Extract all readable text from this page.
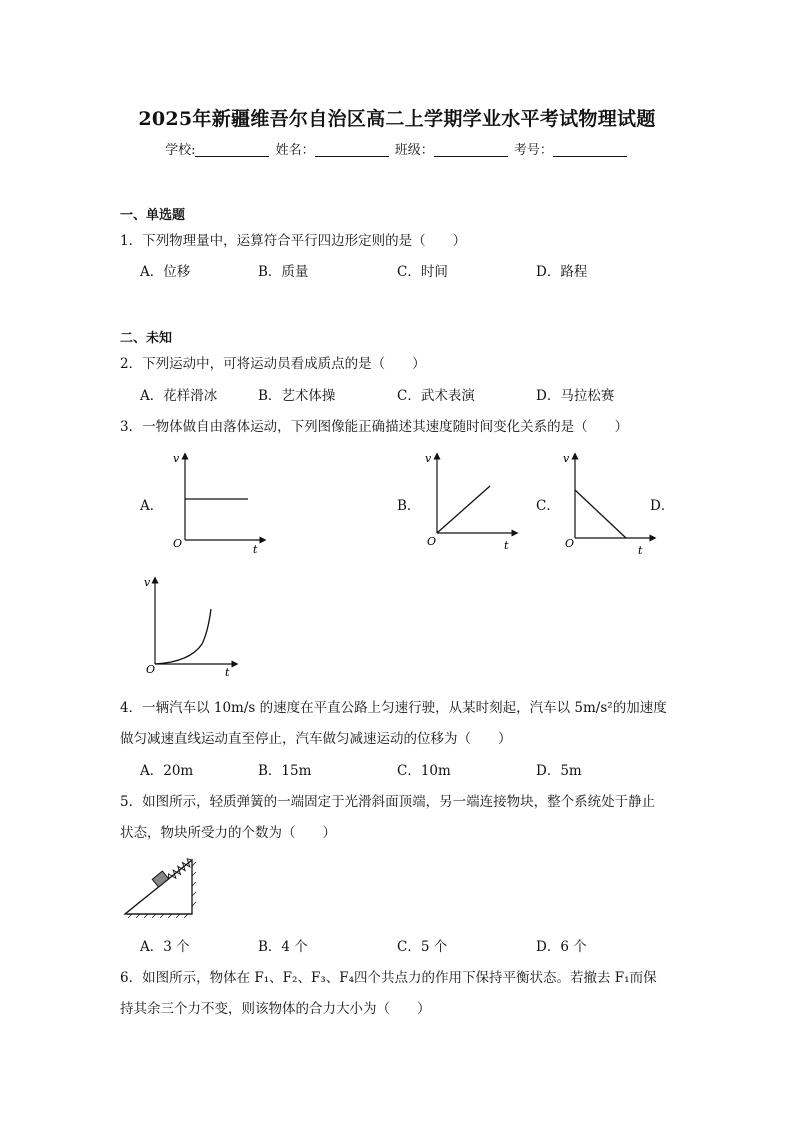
2025年新疆维吾尔自治区高二上学期学业水平考试物理试题
学校:	姓名：	班级：	考号：
一、单选题
1．下列物理量中，运算符合平行四边形定则的是（　　）
A．位移	B．质量	C．时间	D．路程
二、未知
2．下列运动中，可将运动员看成质点的是（　　）
A．花样滑冰	B．艺术体操	C．武术表演	D．马拉松赛
3．一物体做自由落体运动，下列图像能正确描述其速度随时间变化关系的是（　　）
A．	B．	C．	D．
v
t
O
v
t
O
v
t
O
v
t
O
4．一辆汽车以 10m/s 的速度在平直公路上匀速行驶，从某时刻起，汽车以 5m/s²的加速度
做匀减速直线运动直至停止，汽车做匀减速运动的位移为（　　）
A．20m	B．15m	C．10m	D．5m
5．如图所示，轻质弹簧的一端固定于光滑斜面顶端，另一端连接物块，整个系统处于静止
状态，物块所受力的个数为（　　）
A．3 个	B．4 个	C．5 个	D．6 个
6．如图所示，物体在 F₁、F₂、F₃、F₄四个共点力的作用下保持平衡状态。若撤去 F₁而保
持其余三个力不变，则该物体的合力大小为（　　）
